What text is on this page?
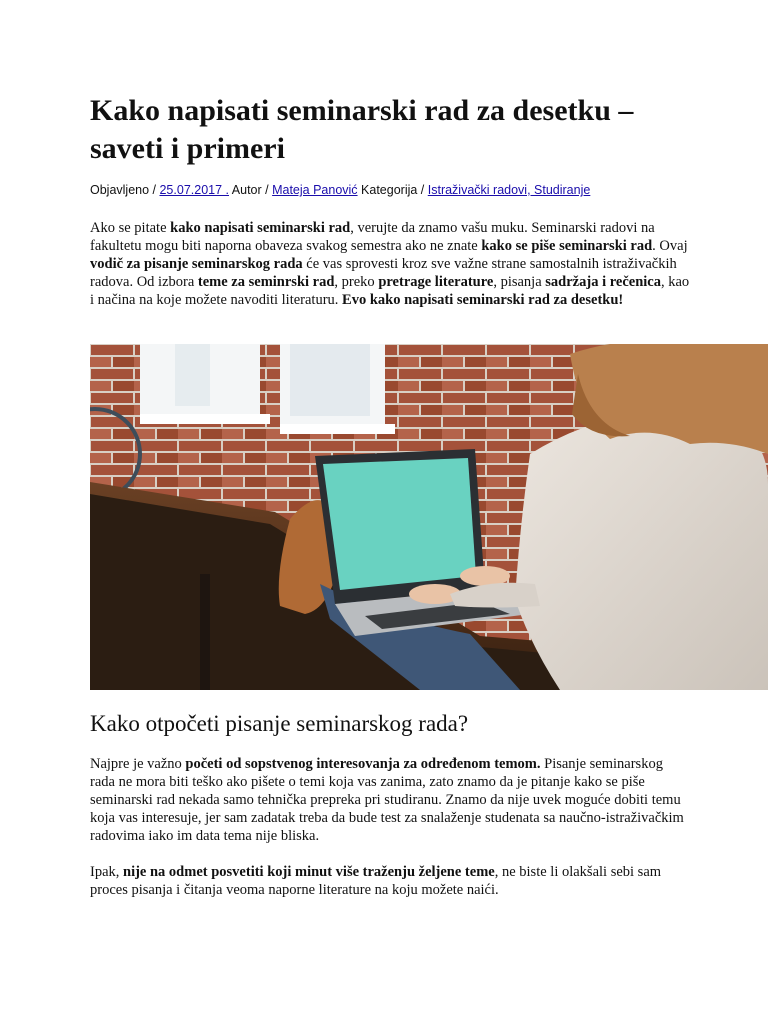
Kako napisati seminarski rad za desetku – saveti i primeri
Objavljeno / 25.07.2017 . Autor / Mateja Panović Kategorija / Istraživački radovi, Studiranje

Ako se pitate kako napisati seminarski rad, verujte da znamo vašu muku. Seminarski radovi na fakultetu mogu biti naporna obaveza svakog semestra ako ne znate kako se piše seminarski rad. Ovaj vodič za pisanje seminarskog rada će vas sprovesti kroz sve važne strane samostalnih istraživačkih radova. Od izbora teme za seminrski rad, preko pretrage literature, pisanja sadržaja i rečenica, kao i načina na koje možete navoditi literaturu. Evo kako napisati seminarski rad za desetku!

Kako otpočeti pisanje seminarskog rada?

Najpre je važno početi od sopstvenog interesovanja za određenom temom. Pisanje seminarskog rada ne mora biti teško ako pišete o temi koja vas zanima, zato znamo da je pitanje kako se piše seminarski rad nekada samo tehnička prepreka pri studiranu. Znamo da nije uvek moguće dobiti temu koja vas interesuje, jer sam zadatak treba da bude test za snalaženje studenata sa naučno-istraživačkim radovima iako im data tema nije bliska.

Ipak, nije na odmet posvetiti koji minut više traženju željene teme, ne biste li olakšali sebi sam proces pisanja i čitanja veoma naporne literature na koju možete naići.
